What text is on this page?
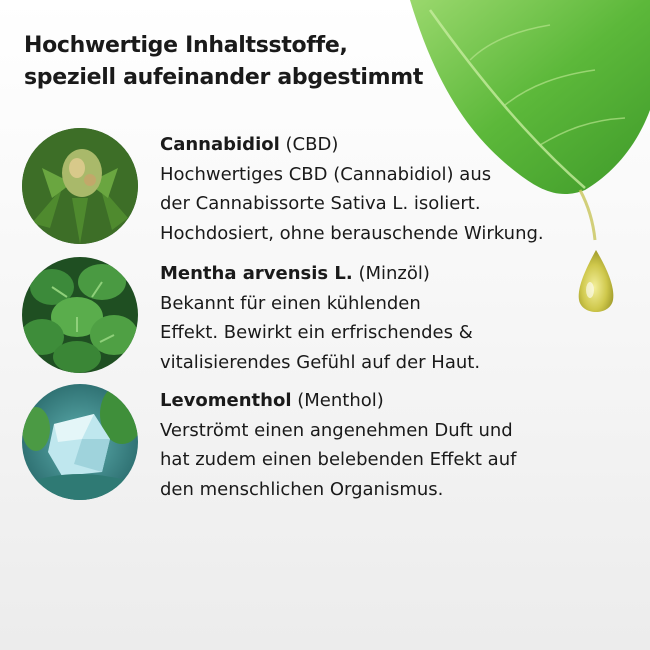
Hochwertige Inhaltsstoffe,
speziell aufeinander abgestimmt
Cannabidiol (CBD)
Hochwertiges CBD (Cannabidiol) aus
der Cannabissorte Sativa L. isoliert.
Hochdosiert, ohne berauschende Wirkung.
Mentha arvensis L. (Minzöl)
Bekannt für einen kühlenden
Effekt. Bewirkt ein erfrischendes &
vitalisierendes Gefühl auf der Haut.
Levomenthol (Menthol)
Verströmt einen angenehmen Duft und
hat zudem einen belebenden Effekt auf
den menschlichen Organismus.
